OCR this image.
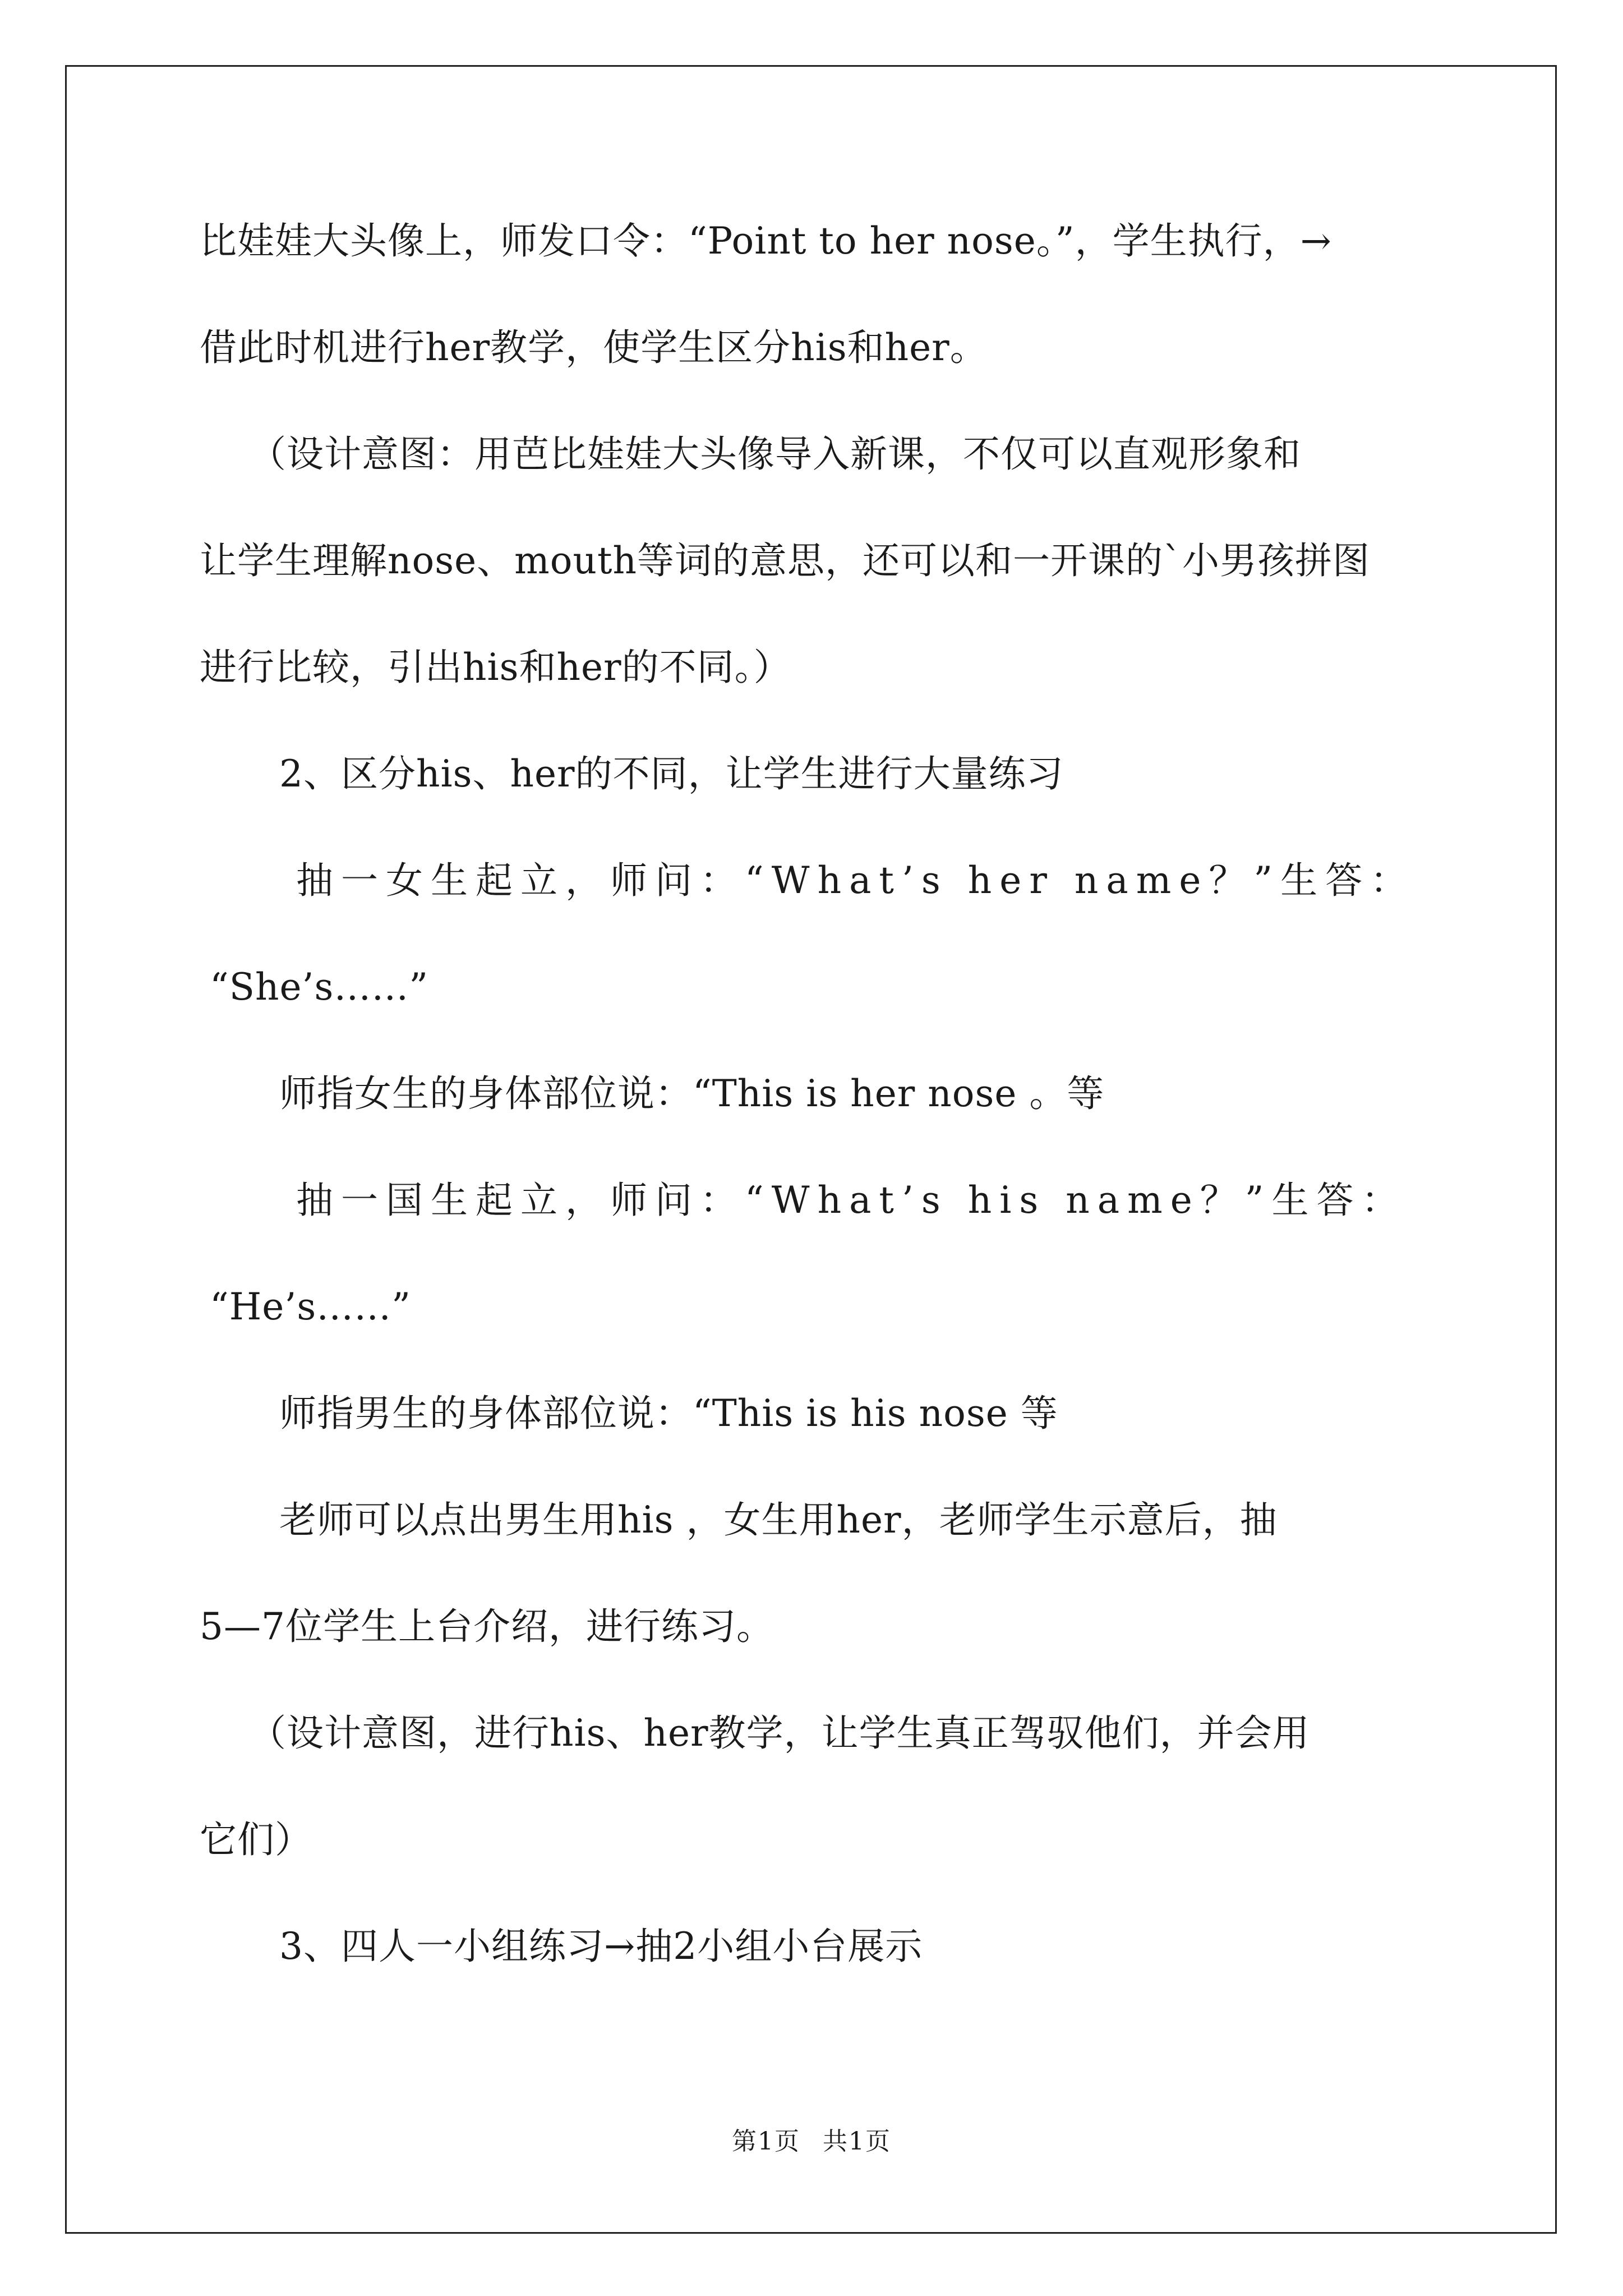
比娃娃大头像上，师发口令：“Point to her nose。”，学生执行，→
借此时机进行her教学，使学生区分his和her。
（设计意图：用芭比娃娃大头像导入新课，不仅可以直观形象和
让学生理解nose、mouth等词的意思，还可以和一开课的`小男孩拼图
进行比较，引出his和her的不同。）
2、区分his、her的不同，让学生进行大量练习
抽一女生起立，师问：“What’s her name？”生答：
“She’s……”
师指女生的身体部位说：“This is her nose 。等
抽一国生起立，师问：“What’s his name？”生答：
“He’s……”
师指男生的身体部位说：“This is his nose 等
老师可以点出男生用his ，女生用her，老师学生示意后，抽
5—7位学生上台介绍，进行练习。
（设计意图，进行his、her教学，让学生真正驾驭他们，并会用
它们）
3、四人一小组练习→抽2小组小台展示
第1页 共1页
